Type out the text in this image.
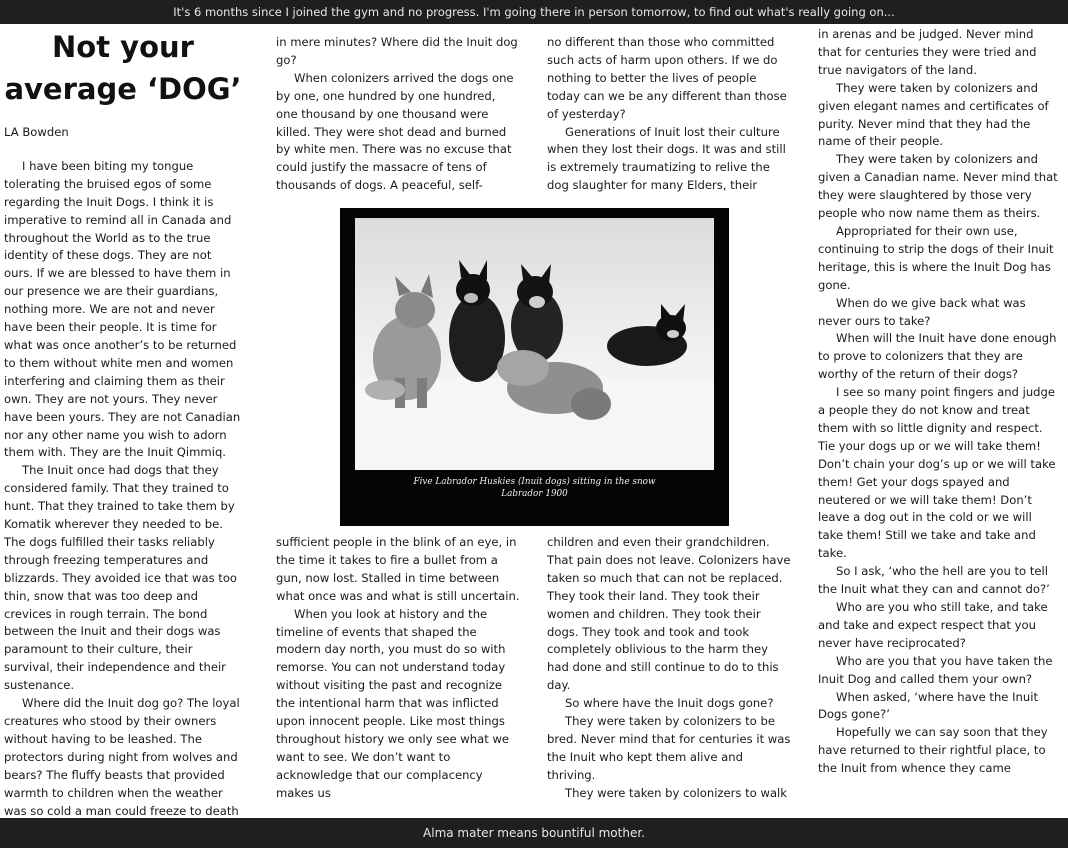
It's 6 months since I joined the gym and no progress. I'm going there in person tomorrow, to find out what's really going on...
Not your
average ‘DOG’
LA Bowden

I have been biting my tongue tolerating the bruised egos of some regarding the Inuit Dogs. I think it is imperative to remind all in Canada and throughout the World as to the true identity of these dogs. They are not ours. If we are blessed to have them in our presence we are their guardians, nothing more. We are not and never have been their people. It is time for what was once another’s to be returned to them without white men and women interfering and claiming them as their own. They are not yours. They never have been yours. They are not Canadian nor any other name you wish to adorn them with. They are the Inuit Qimmiq.

The Inuit once had dogs that they considered family. That they trained to hunt. That they trained to take them by Komatik wherever they needed to be. The dogs fulfilled their tasks reliably through freezing temperatures and blizzards. They avoided ice that was too thin, snow that was too deep and crevices in rough terrain. The bond between the Inuit and their dogs was paramount to their culture, their survival, their independence and their sustenance.

Where did the Inuit dog go? The loyal creatures who stood by their owners without having to be leashed. The protectors during night from wolves and bears? The fluffy beasts that provided warmth to children when the weather was so cold a man could freeze to death

in mere minutes? Where did the Inuit dog go?

When colonizers arrived the dogs one by one, one hundred by one hundred, one thousand by one thousand were killed. They were shot dead and burned by white men. There was no excuse that could justify the massacre of tens of thousands of dogs. A peaceful, self-

no different than those who committed such acts of harm upon others. If we do nothing to better the lives of people today can we be any different than those of yesterday?

Generations of Inuit lost their culture when they lost their dogs. It was and still is extremely traumatizing to relive the dog slaughter for many Elders, their

Five Labrador Huskies (Inuit dogs) sitting in the snow
Labrador 1900

sufficient people in the blink of an eye, in the time it takes to fire a bullet from a gun, now lost. Stalled in time between what once was and what is still uncertain.

When you look at history and the timeline of events that shaped the modern day north, you must do so with remorse. You can not understand today without visiting the past and recognize the intentional harm that was inflicted upon innocent people. Like most things throughout history we only see what we want to see. We don’t want to acknowledge that our complacency makes us

children and even their grandchildren. That pain does not leave. Colonizers have taken so much that can not be replaced. They took their land. They took their women and children. They took their dogs. They took and took and took completely oblivious to the harm they had done and still continue to do to this day.

So where have the Inuit dogs gone?

They were taken by colonizers to be bred. Never mind that for centuries it was the Inuit who kept them alive and thriving.

They were taken by colonizers to walk

in arenas and be judged. Never mind that for centuries they were tried and true navigators of the land.

They were taken by colonizers and given elegant names and certificates of purity. Never mind that they had the name of their people.

They were taken by colonizers and given a Canadian name. Never mind that they were slaughtered by those very people who now name them as theirs.

Appropriated for their own use, continuing to strip the dogs of their Inuit heritage, this is where the Inuit Dog has gone.

When do we give back what was never ours to take?

When will the Inuit have done enough to prove to colonizers that they are worthy of the return of their dogs?

I see so many point fingers and judge a people they do not know and treat them with so little dignity and respect. Tie your dogs up or we will take them! Don’t chain your dog’s up or we will take them! Get your dogs spayed and neutered or we will take them! Don’t leave a dog out in the cold or we will take them! Still we take and take and take.

So I ask, ‘who the hell are you to tell the Inuit what they can and cannot do?’

Who are you who still take, and take and take and expect respect that you never have reciprocated?

Who are you that you have taken the Inuit Dog and called them your own?

When asked, ‘where have the Inuit Dogs gone?’

Hopefully we can say soon that they have returned to their rightful place, to the Inuit from whence they came

Alma mater means bountiful mother.
